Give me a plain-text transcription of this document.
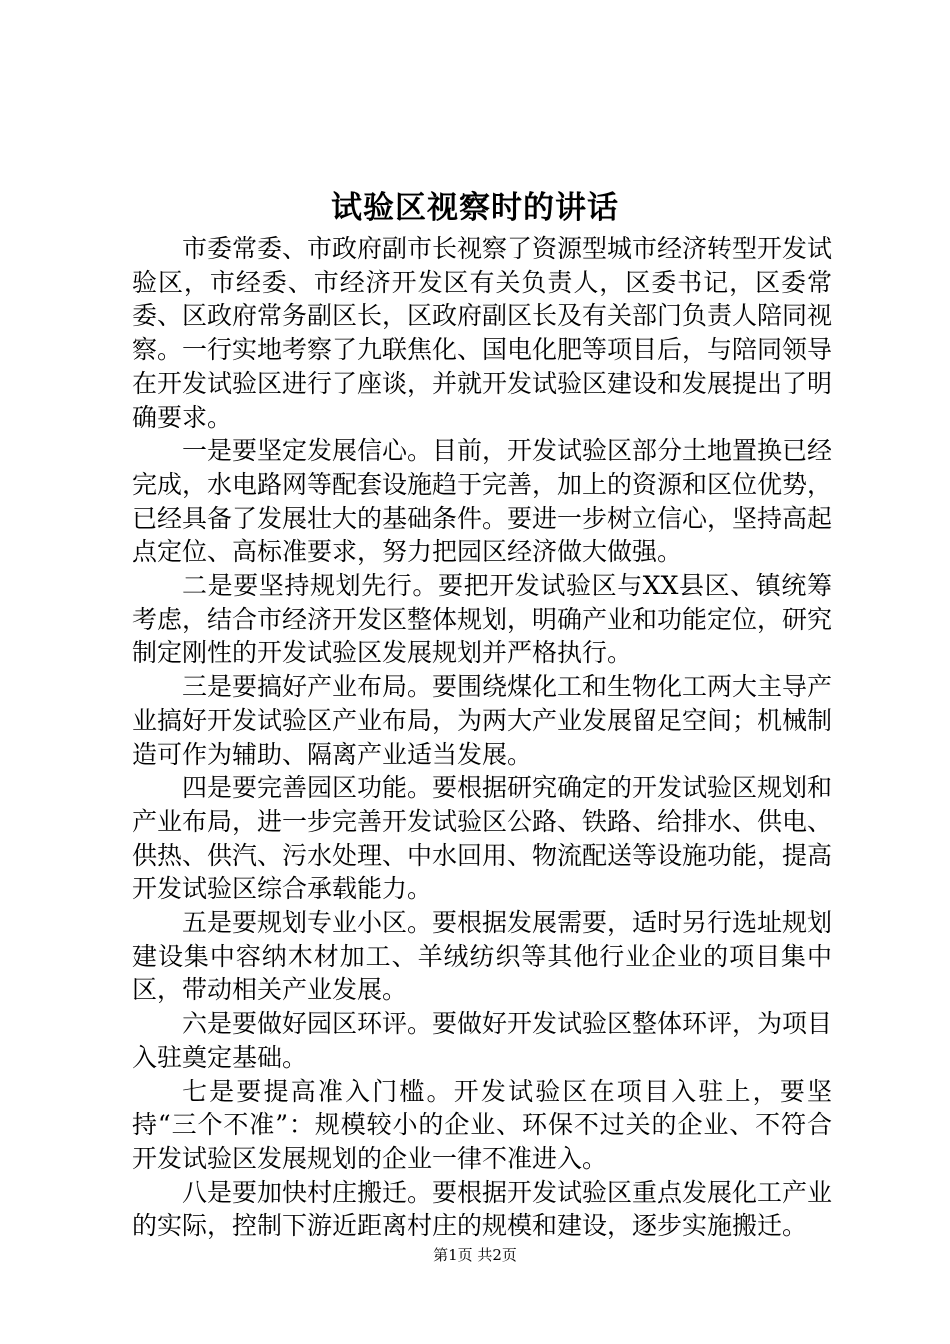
试验区视察时的讲话

市委常委、市政府副市长视察了资源型城市经济转型开发试验区，市经委、市经济开发区有关负责人，区委书记，区委常委、区政府常务副区长，区政府副区长及有关部门负责人陪同视察。一行实地考察了九联焦化、国电化肥等项目后，与陪同领导在开发试验区进行了座谈，并就开发试验区建设和发展提出了明确要求。

一是要坚定发展信心。目前，开发试验区部分土地置换已经完成，水电路网等配套设施趋于完善，加上的资源和区位优势，已经具备了发展壮大的基础条件。要进一步树立信心，坚持高起点定位、高标准要求，努力把园区经济做大做强。

二是要坚持规划先行。要把开发试验区与XX县区、镇统筹考虑，结合市经济开发区整体规划，明确产业和功能定位，研究制定刚性的开发试验区发展规划并严格执行。

三是要搞好产业布局。要围绕煤化工和生物化工两大主导产业搞好开发试验区产业布局，为两大产业发展留足空间；机械制造可作为辅助、隔离产业适当发展。

四是要完善园区功能。要根据研究确定的开发试验区规划和产业布局，进一步完善开发试验区公路、铁路、给排水、供电、供热、供汽、污水处理、中水回用、物流配送等设施功能，提高开发试验区综合承载能力。

五是要规划专业小区。要根据发展需要，适时另行选址规划建设集中容纳木材加工、羊绒纺织等其他行业企业的项目集中区，带动相关产业发展。

六是要做好园区环评。要做好开发试验区整体环评，为项目入驻奠定基础。

七是要提高准入门槛。开发试验区在项目入驻上，要坚持“三个不准”：规模较小的企业、环保不过关的企业、不符合开发试验区发展规划的企业一律不准进入。

八是要加快村庄搬迁。要根据开发试验区重点发展化工产业的实际，控制下游近距离村庄的规模和建设，逐步实施搬迁。

第1页 共2页
